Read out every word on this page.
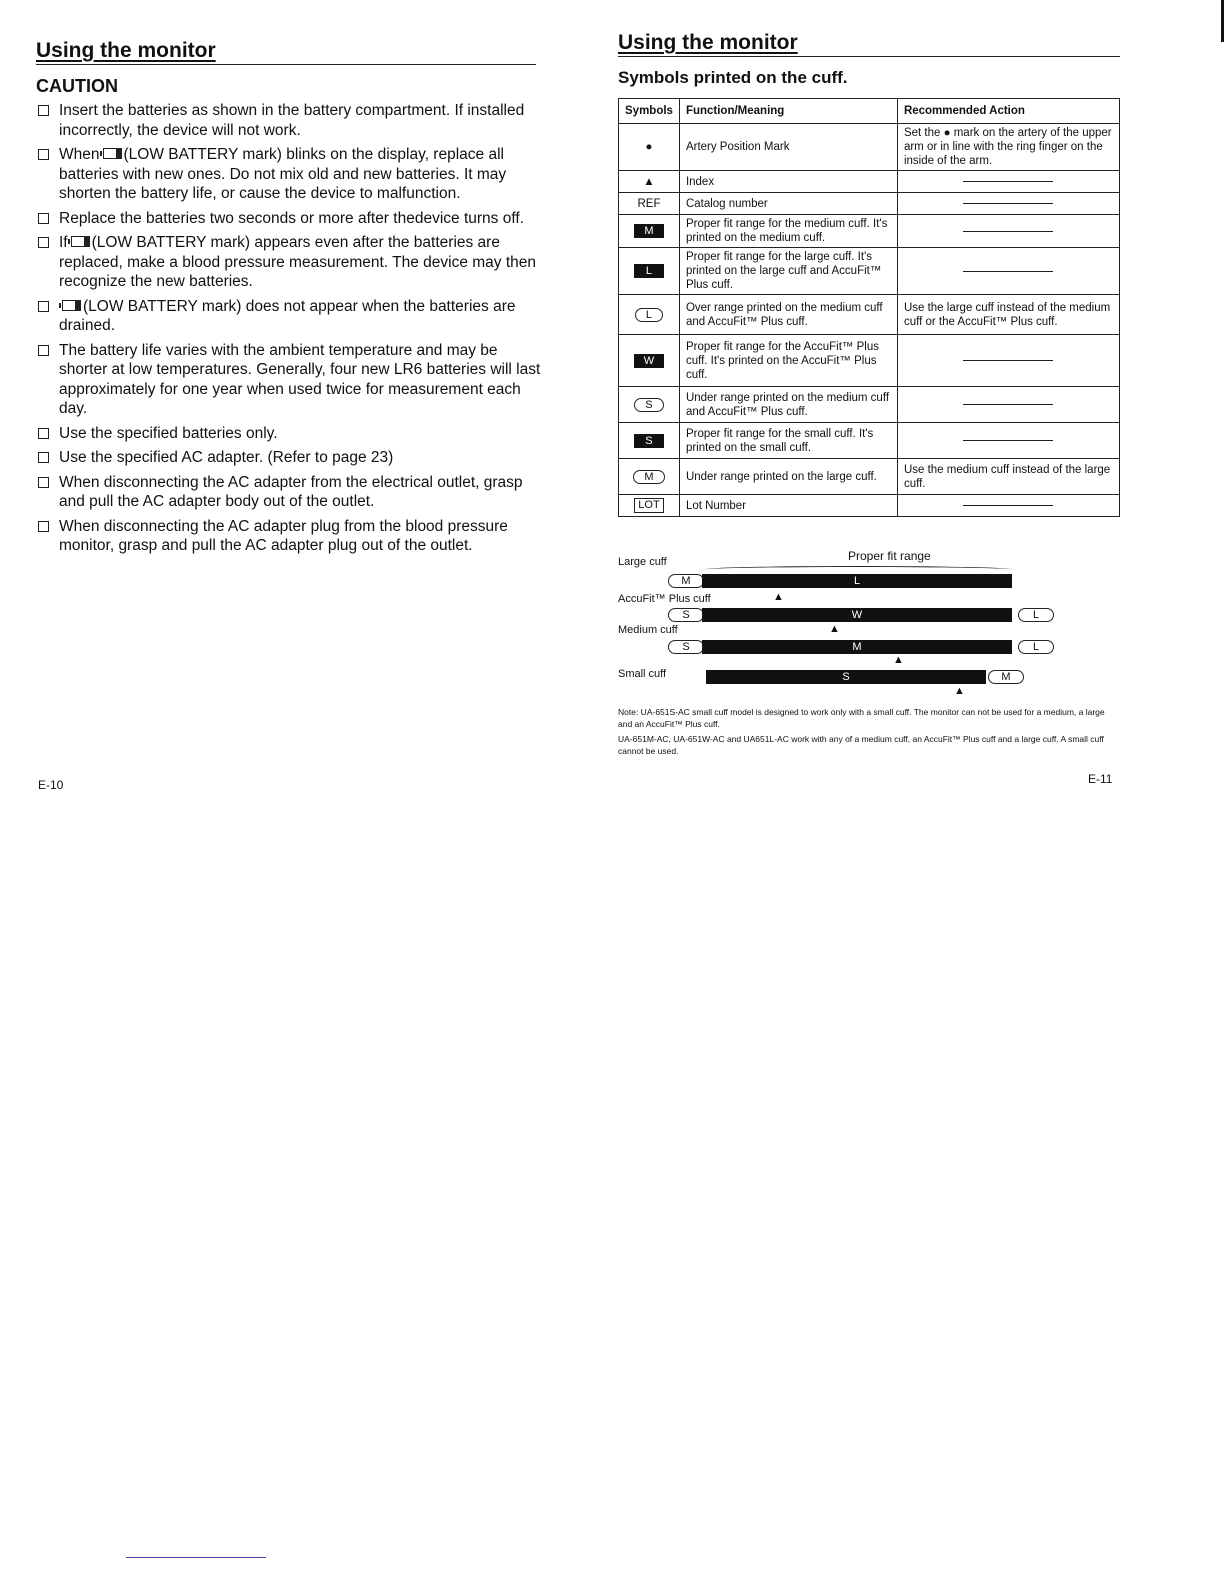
Using the monitor
CAUTION
Insert the batteries as shown in the battery compartment. If installed incorrectly, the device will not work.
When (LOW BATTERY mark) blinks on the display, replace all batteries with new ones. Do not mix old and new batteries. It may shorten the battery life, or cause the device to malfunction.
Replace the batteries two seconds or more after thedevice turns off.
If (LOW BATTERY mark) appears even after the batteries are replaced, make a blood pressure measurement. The device may then recognize the new batteries.
(LOW BATTERY mark) does not appear when the batteries are drained.
The battery life varies with the ambient temperature and may be shorter at low temperatures. Generally, four new LR6 batteries will last approximately for one year when used twice for measurement each day.
Use the specified batteries only.
Use the specified AC adapter. (Refer to page 23)
When disconnecting the AC adapter from the electrical outlet, grasp and pull the AC adapter body out of the outlet.
When disconnecting the AC adapter plug from the blood pressure monitor, grasp and pull the AC adapter plug out of the outlet.
E-10
Using the monitor
Symbols printed on the cuff.
Symbols	Function/Meaning	Recommended Action
●	Artery Position Mark	Set the ● mark on the artery of the upper arm or in line with the ring finger on the inside of the arm.
▲	Index	

REF	Catalog number	

M	Proper fit range for the medium cuff. It's printed on the medium cuff.	

L	Proper fit range for the large cuff. It's printed on the large cuff and AccuFit™ Plus cuff.	

L	Over range printed on the medium cuff and AccuFit™ Plus cuff.	Use the large cuff instead of the medium cuff or the AccuFit™ Plus cuff.
W	Proper fit range for the AccuFit™ Plus cuff. It's printed on the AccuFit™ Plus cuff.	

S	Under range printed on the medium cuff and AccuFit™ Plus cuff.	

S	Proper fit range for the small cuff. It's printed on the small cuff.	

M	Under range printed on the large cuff.	Use the medium cuff instead of the large cuff.
LOT	Lot Number	
Proper fit range
Large cuff
M	L
AccuFit™ Plus cuff	▲
S	W	L
Medium cuff	▲
S	M	L
▲
Small cuff	S	M
▲

Note: UA-651S-AC small cuff model is designed to work only with a small cuff. The monitor can not be used for a medium, a large and an AccuFit™ Plus cuff.

UA-651M-AC, UA-651W-AC and UA651L-AC work with any of a medium cuff, an AccuFit™ Plus cuff and a large cuff. A small cuff cannot be used.

E-11
